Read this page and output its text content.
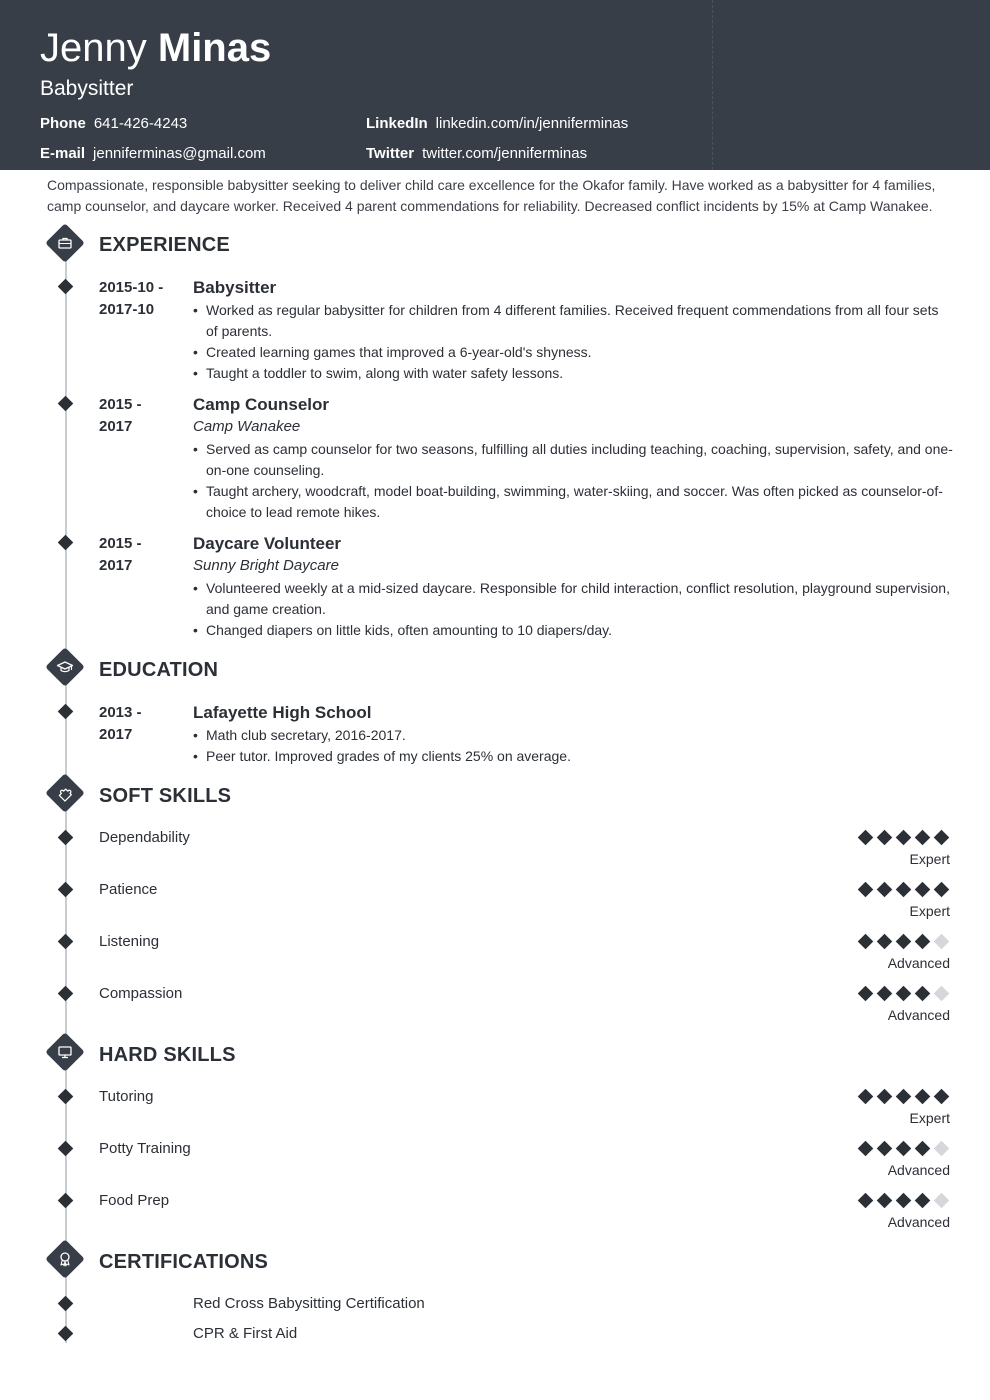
Jenny Minas
Babysitter
Phone 641-426-4243
E-mail jenniferminas@gmail.com
LinkedIn linkedin.com/in/jenniferminas
Twitter twitter.com/jenniferminas
Compassionate, responsible babysitter seeking to deliver child care excellence for the Okafor family. Have worked as a babysitter for 4 families, camp counselor, and daycare worker. Received 4 parent commendations for reliability. Decreased conflict incidents by 15% at Camp Wanakee.
EXPERIENCE
2015-10 -
2017-10
Babysitter
• Worked as regular babysitter for children from 4 different families. Received frequent commendations from all four sets of parents.
• Created learning games that improved a 6-year-old's shyness.
• Taught a toddler to swim, along with water safety lessons.
2015 -
2017
Camp Counselor
Camp Wanakee
• Served as camp counselor for two seasons, fulfilling all duties including teaching, coaching, supervision, safety, and one-on-one counseling.
• Taught archery, woodcraft, model boat-building, swimming, water-skiing, and soccer. Was often picked as counselor-of-choice to lead remote hikes.
2015 -
2017
Daycare Volunteer
Sunny Bright Daycare
• Volunteered weekly at a mid-sized daycare. Responsible for child interaction, conflict resolution, playground supervision, and game creation.
• Changed diapers on little kids, often amounting to 10 diapers/day.
EDUCATION
2013 -
2017
Lafayette High School
• Math club secretary, 2016-2017.
• Peer tutor. Improved grades of my clients 25% on average.
SOFT SKILLS
Dependability
Expert
Patience
Expert
Listening
Advanced
Compassion
Advanced
HARD SKILLS
Tutoring
Expert
Potty Training
Advanced
Food Prep
Advanced
CERTIFICATIONS
Red Cross Babysitting Certification
CPR & First Aid
